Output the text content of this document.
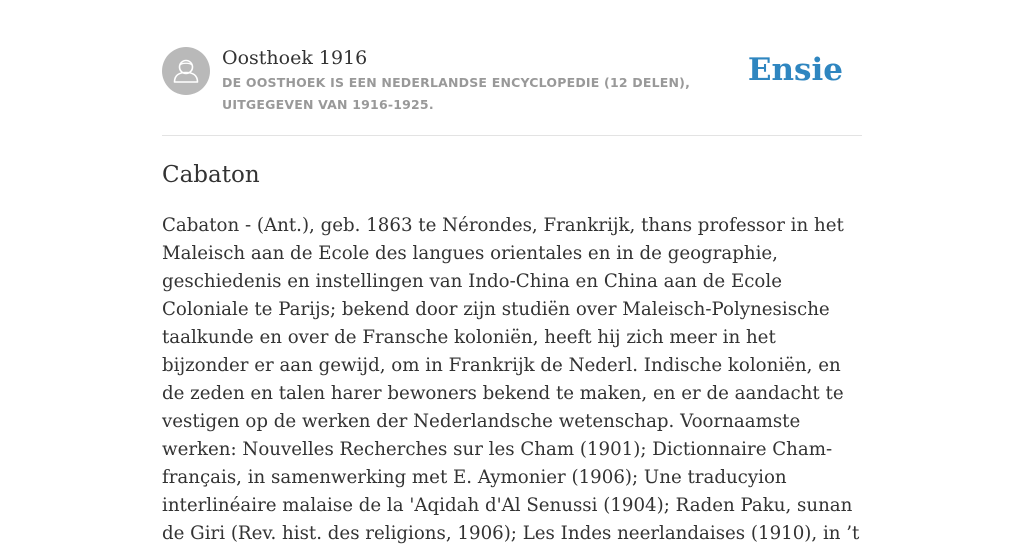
Oosthoek 1916
DE OOSTHOEK IS EEN NEDERLANDSE ENCYCLOPEDIE (12 DELEN), UITGEGEVEN VAN 1916-1925.
Ensie
Cabaton

Cabaton - (Ant.), geb. 1863 te Nérondes, Frankrijk, thans professor in het Maleisch aan de Ecole des langues orientales en in de geographie, geschiedenis en instellingen van Indo-China en China aan de Ecole Coloniale te Parijs; bekend door zijn studiën over Maleisch-Polynesische taalkunde en over de Fransche koloniën, heeft hij zich meer in het bijzonder er aan gewijd, om in Frankrijk de Nederl. Indische koloniën, en de zeden en talen harer bewoners bekend te maken, en er de aandacht te vestigen op de werken der Nederlandsche wetenschap. Voornaamste werken: Nouvelles Recherches sur les Cham (1901); Dictionnaire Cham-français, in samenwerking met E. Aymonier (1906); Une traducyion interlinéaire malaise de la 'Aqidah d'Al Senussi (1904); Raden Paku, sunan de Giri (Rev. hist. des religions, 1906); Les Indes neerlandaises (1910), in ’t
